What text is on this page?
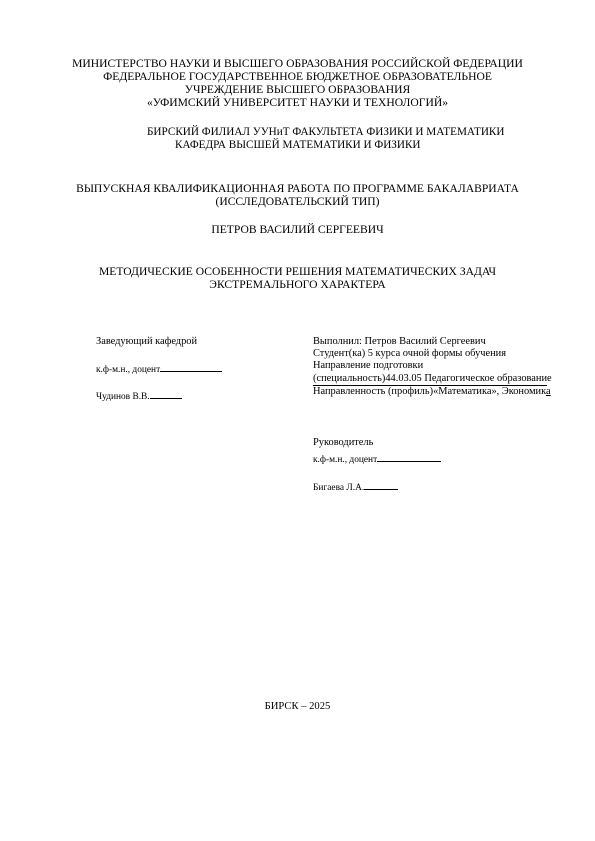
МИНИСТЕРСТВО НАУКИ И ВЫСШЕГО ОБРАЗОВАНИЯ РОССИЙСКОЙ ФЕДЕРАЦИИ
ФЕДЕРАЛЬНОЕ ГОСУДАРСТВЕННОЕ БЮДЖЕТНОЕ ОБРАЗОВАТЕЛЬНОЕ
УЧРЕЖДЕНИЕ ВЫСШЕГО ОБРАЗОВАНИЯ
«УФИМСКИЙ УНИВЕРСИТЕТ НАУКИ И ТЕХНОЛОГИЙ»
БИРСКИЙ ФИЛИАЛ УУНиТ ФАКУЛЬТЕТА ФИЗИКИ И МАТЕМАТИКИ
КАФЕДРА ВЫСШЕЙ МАТЕМАТИКИ И ФИЗИКИ
ВЫПУСКНАЯ КВАЛИФИКАЦИОННАЯ РАБОТА ПО ПРОГРАММЕ БАКАЛАВРИАТА
(ИССЛЕДОВАТЕЛЬСКИЙ ТИП)
ПЕТРОВ ВАСИЛИЙ СЕРГЕЕВИЧ
МЕТОДИЧЕСКИЕ ОСОБЕННОСТИ РЕШЕНИЯ МАТЕМАТИЧЕСКИХ ЗАДАЧ
ЭКСТРЕМАЛЬНОГО ХАРАКТЕРА
Заведующий кафедрой
к.ф-м.н., доцент
Чудинов В.В.
Выполнил: Петров Василий Сергеевич
Студент(ка) 5 курса очной формы обучения
Направление подготовки
(специальность)44.03.05 Педагогическое образование
Направленность (профиль)«Математика», Экономика
Руководитель
к.ф-м.н., доцент
Бигаева Л.А.
БИРСК – 2025
